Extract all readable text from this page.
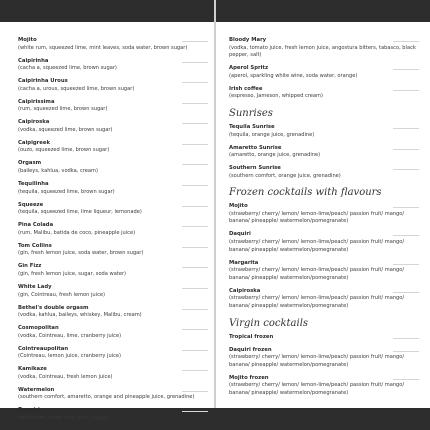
Mojito
(white rum, squeezed lime, mint leaves, soda water, brown sugar)
Caipirinha
(cacha a, squeezed lime, brown sugar)
Caipirinha Urous
(cacha a, urous, squeezed lime, brown sugar)
Caipirissima
(rum, squeezed lime, brown sugar)
Caipiroska
(vodka, squeezed lime, brown sugar)
Caipigreek
(ouzo, squeezed lime, brown sugar)
Orgasm
(baileys, kahlua, vodka, cream)
Tequilinha
(tequila, squeezed lime, brown sugar)
Squeeze
(tequila, squeezed lime, lime liqueur, lemonade)
Pina Colada
(rum, Malibu, batida de coco, pineapple juice)
Tom Collins
(gin, fresh lemon juice, soda water, brown sugar)
Gin Fizz
(gin, fresh lemon juice, sugar, soda water)
White Lady
(gin, Cointreau, fresh lemon juice)
Bethel's double orgasm
(vodka, kahlua, baileys, whiskey, Malibu, cream)
Cosmopolitan
(vodka, Cointreau, lime, cranberry juice)
Cointreaupolitan
(Cointreau, lemon juice, cranberry juice)
Kamikaze
(vodka, Cointreau, fresh lemon juice)
Watermelon
(southern comfort, amaretto, orange and pineapple juice, grenadine)
Daquiri
(white rum, fresh lime juice, sugar)
Bloody Mary
(vodka, tomato juice, fresh lemon juice, angostura bitters, tabasco, black pepper, salt)
Aperol Spritz
(aperol, sparkling white wine, soda water, orange)
Irish coffee
(espresso, Jameson, whipped cream)
Sunrises
Tequila Sunrise
(tequila, orange juice, grenadine)
Amaretto Sunrise
(amaretto, orange juice, grenadine)
Southern Sunrise
(southern comfort, orange juice, grenadine)
Frozen cocktails with flavours
Mojito
(strawberry/ cherry/ lemon/ lemon-lime/peach/ passion fruit/ mango/ banana/ pineapple/ watermelon/pomegranate)
Daquiri
(strawberry/ cherry/ lemon/ lemon-lime/peach/ passion fruit/ mango/ banana/ pineapple/ watermelon/pomegranate)
Margarita
(strawberry/ cherry/ lemon/ lemon-lime/peach/ passion fruit/ mango/ banana/ pineapple/ watermelon/pomegranate)
Caipiroska
(strawberry/ cherry/ lemon/ lemon-lime/peach/ passion fruit/ mango/ banana/ pineapple/ watermelon/pomegranate)
Virgin cocktails
Tropical frozen
Daquiri frozen
(strawberry/ cherry/ lemon/ lemon-lime/peach/ passion fruit/ mango/ banana/ pineapple/ watermelon/pomegranate)
Mojito frozen
(strawberry/ cherry/ lemon/ lemon-lime/peach/ passion fruit/ mango/ banana/ pineapple/ watermelon/pomegranate)
